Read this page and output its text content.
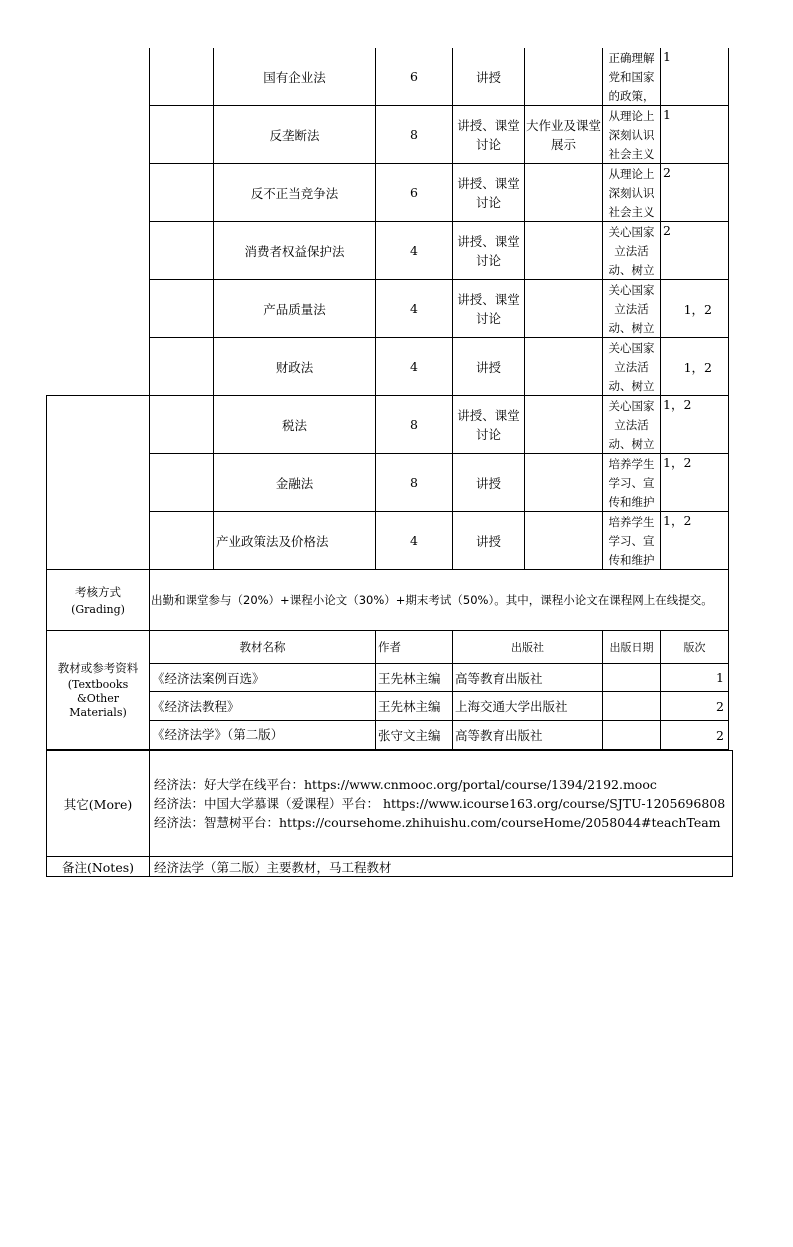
		国有企业法	6	讲授		正确理解党和国家的政策，	1	

		反垄断法	8	讲授、课堂讨论	大作业及课堂展示	从理论上深刻认识社会主义	1	

		反不正当竞争法	6	讲授、课堂讨论		从理论上深刻认识社会主义	2	

		消费者权益保护法	4	讲授、课堂讨论		关心国家立法活动、树立	2	

		产品质量法	4	讲授、课堂讨论		关心国家立法活动、树立	1，2	
		财政法	4	讲授		关心国家立法活动、树立	1，2	
		税法	8	讲授、课堂讨论		关心国家立法活动、树立	1，2	

		金融法	8	讲授		培养学生学习、宣传和维护	1，2	

		产业政策法及价格法	4	讲授		培养学生学习、宣传和维护	1，2	

考核方式
(Grading)	出勤和课堂参与（20%）+课程小论文（30%）+期末考试（50%）。其中，课程小论文在课程网上在线提交。							

教材或参考资料
(Textbooks &Other Materials)	教材名称		作者	出版社		出版日期	版次	
	《经济法案例百选》		王先林主编	高等教育出版社			1	
	《经济法教程》		王先林主编	上海交通大学出版社			2	
	《经济法学》（第二版）		张守文主编	高等教育出版社			2	
其它(More)	经济法：好大学在线平台：https://www.cnmooc.org/portal/course/1394/2192.mooc
经济法：中国大学慕课（爱课程）平台： https://www.icourse163.org/course/SJTU-1205696808
经济法：智慧树平台：https://coursehome.zhihuishu.com/courseHome/2058044#teachTeam

备注(Notes)	经济法学（第二版）主要教材，马工程教材
